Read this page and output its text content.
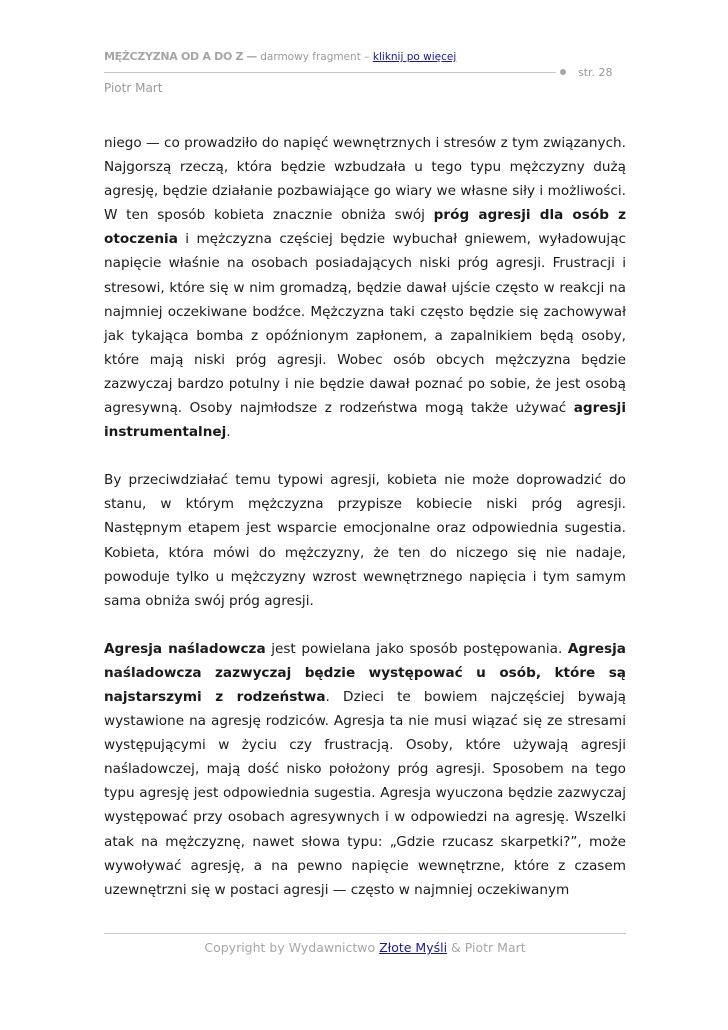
MĘŻCZYZNA OD A DO Z — darmowy fragment – kliknij po więcej
str. 28
Piotr Mart

niego — co prowadziło do napięć wewnętrznych i stresów z tym związanych. Najgorszą rzeczą, która będzie wzbudzała u tego typu mężczyzny dużą agresję, będzie działanie pozbawiające go wiary we własne siły i możliwości. W ten sposób kobieta znacznie obniża swój próg agresji dla osób z otoczenia i mężczyzna częściej będzie wybuchał gniewem, wyładowując napięcie właśnie na osobach posiadających niski próg agresji. Frustracji i stresowi, które się w nim gromadzą, będzie dawał ujście często w reakcji na najmniej oczekiwane bodźce. Mężczyzna taki często będzie się zachowywał jak tykająca bomba z opóźnionym zapłonem, a zapalnikiem będą osoby, które mają niski próg agresji. Wobec osób obcych mężczyzna będzie zazwyczaj bardzo potulny i nie będzie dawał poznać po sobie, że jest osobą agresywną. Osoby najmłodsze z rodzeństwa mogą także używać agresji instrumentalnej.

By przeciwdziałać temu typowi agresji, kobieta nie może doprowadzić do stanu, w którym mężczyzna przypisze kobiecie niski próg agresji. Następnym etapem jest wsparcie emocjonalne oraz odpowiednia sugestia. Kobieta, która mówi do mężczyzny, że ten do niczego się nie nadaje, powoduje tylko u mężczyzny wzrost wewnętrznego napięcia i tym samym sama obniża swój próg agresji.

Agresja naśladowcza jest powielana jako sposób postępowania. Agresja naśladowcza zazwyczaj będzie występować u osób, które są najstarszymi z rodzeństwa. Dzieci te bowiem najczęściej bywają wystawione na agresję rodziców. Agresja ta nie musi wiązać się ze stresami występującymi w życiu czy frustracją. Osoby, które używają agresji naśladowczej, mają dość nisko położony próg agresji. Sposobem na tego typu agresję jest odpowiednia sugestia. Agresja wyuczona będzie zazwyczaj występować przy osobach agresywnych i w odpowiedzi na agresję. Wszelki atak na mężczyznę, nawet słowa typu: „Gdzie rzucasz skarpetki?”, może wywoływać agresję, a na pewno napięcie wewnętrzne, które z czasem uzewnętrzni się w postaci agresji — często w najmniej oczekiwanym

Copyright by Wydawnictwo Złote Myśli & Piotr Mart
